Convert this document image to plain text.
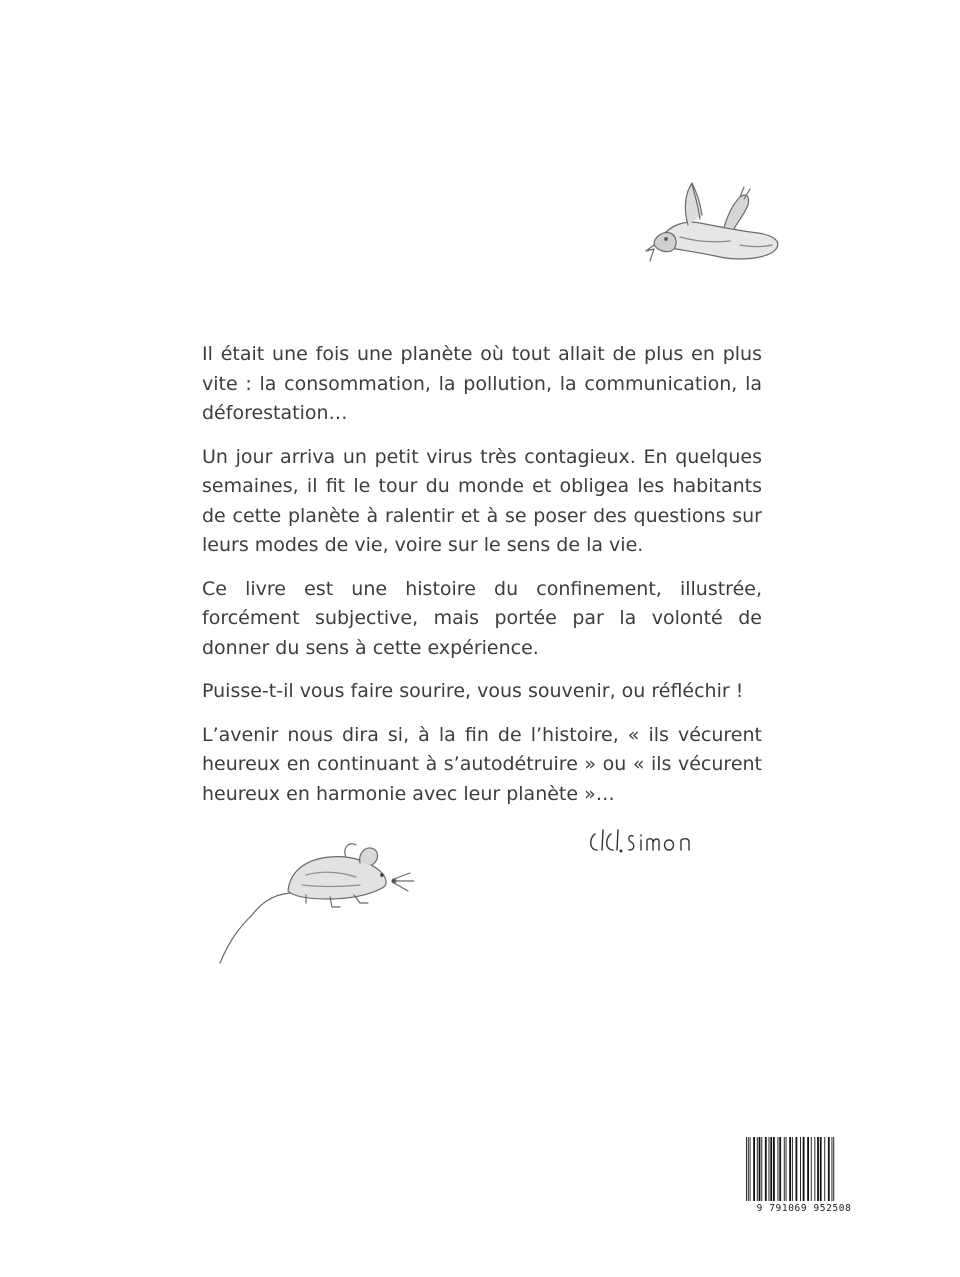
Il était une fois une planète où tout allait de plus en plus vite : la consommation, la pollution, la communication, la déforestation…

Un jour arriva un petit virus très contagieux. En quelques semaines, il fit le tour du monde et obligea les habitants de cette planète à ralentir et à se poser des questions sur leurs modes de vie, voire sur le sens de la vie.

Ce livre est une histoire du confinement, illustrée, forcément subjective, mais portée par la volonté de donner du sens à cette expérience.

Puisse-t-il vous faire sourire, vous souvenir, ou réfléchir !

L’avenir nous dira si, à la fin de l’histoire, « ils vécurent heureux en continuant à s’autodétruire » ou « ils vécurent heureux en harmonie avec leur planète »…

9 791069 952508
